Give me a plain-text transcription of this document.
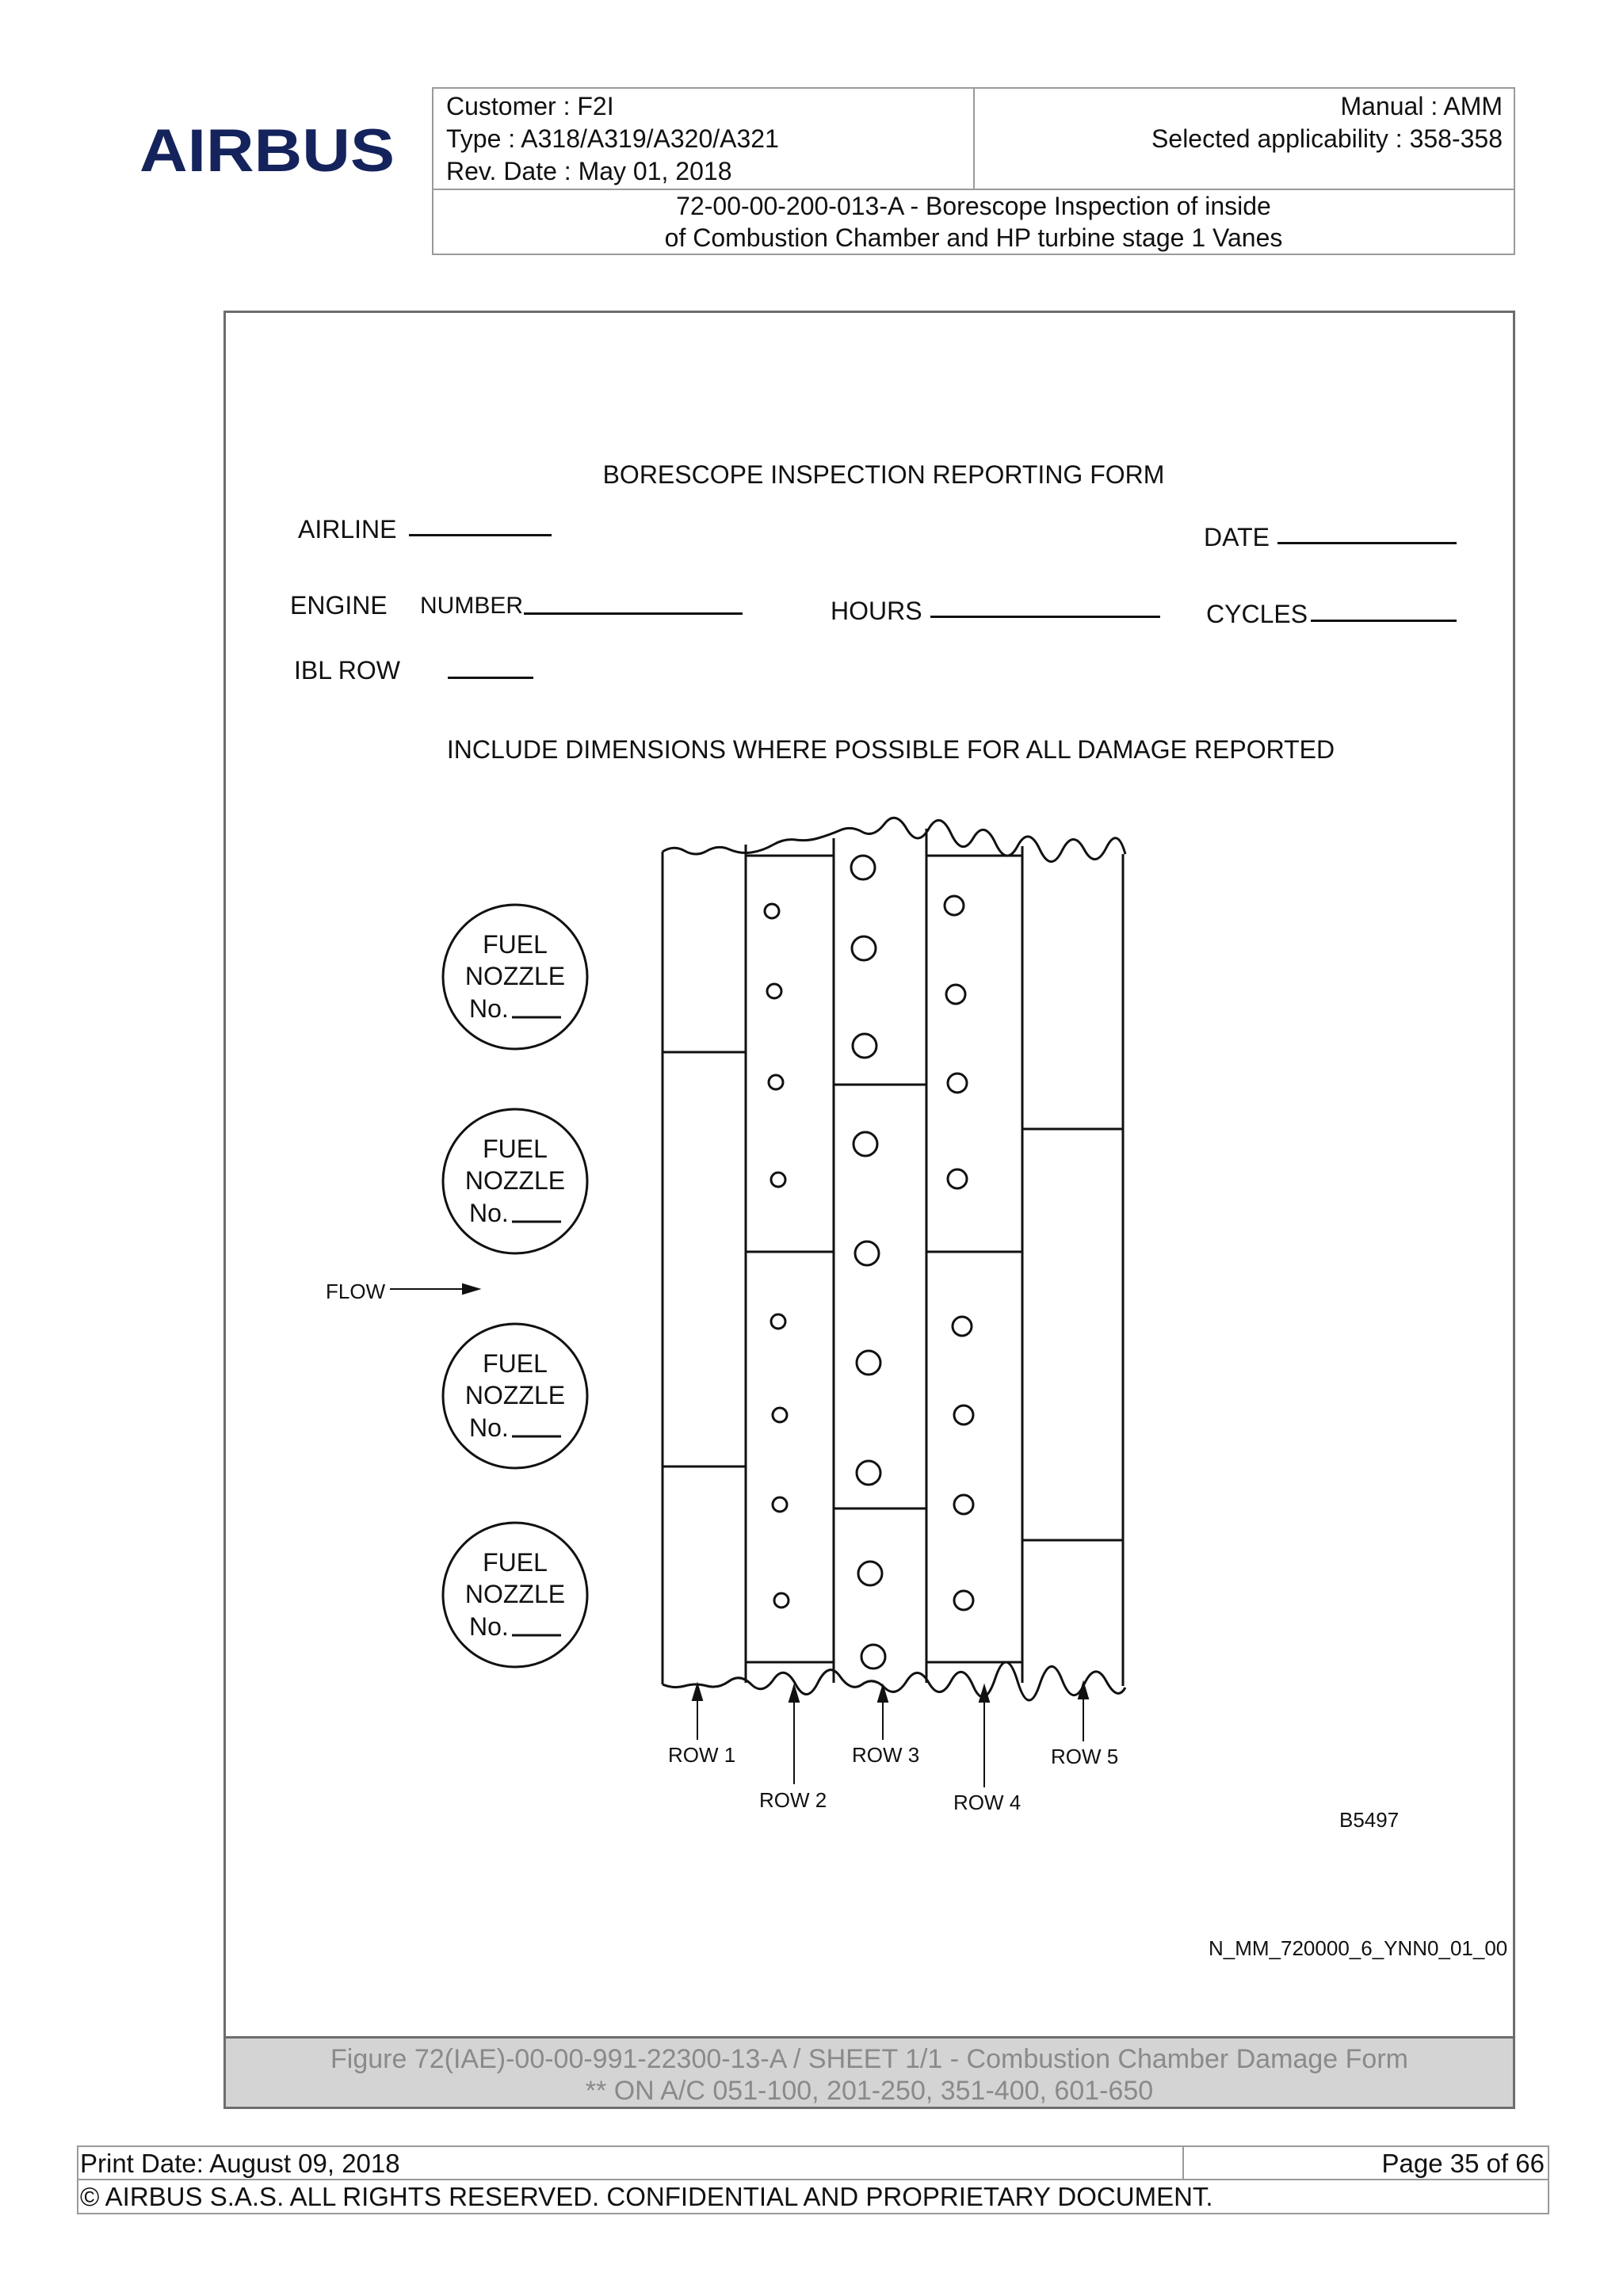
AIRBUS
Customer : F2I
Type : A318/A319/A320/A321
Rev. Date : May 01, 2018
Manual : AMM
Selected applicability : 358-358
72-00-00-200-013-A - Borescope Inspection of inside
of Combustion Chamber and HP turbine stage 1 Vanes
BORESCOPE INSPECTION REPORTING FORM
AIRLINE	DATE
ENGINE NUMBER	HOURS	CYCLES
IBL ROW
INCLUDE DIMENSIONS WHERE POSSIBLE FOR ALL DAMAGE REPORTED
FUEL
NOZZLE
No.
FUEL
NOZZLE
No.
FUEL
NOZZLE
No.
FUEL
NOZZLE
No.
FLOW
ROW 1
ROW 2
ROW 3
ROW 4
ROW 5
B5497
N_MM_720000_6_YNN0_01_00
Figure 72(IAE)-00-00-991-22300-13-A / SHEET 1/1 - Combustion Chamber Damage Form
** ON A/C 051-100, 201-250, 351-400, 601-650
Print Date: August 09, 2018	Page 35 of 66
© AIRBUS S.A.S. ALL RIGHTS RESERVED. CONFIDENTIAL AND PROPRIETARY DOCUMENT.
